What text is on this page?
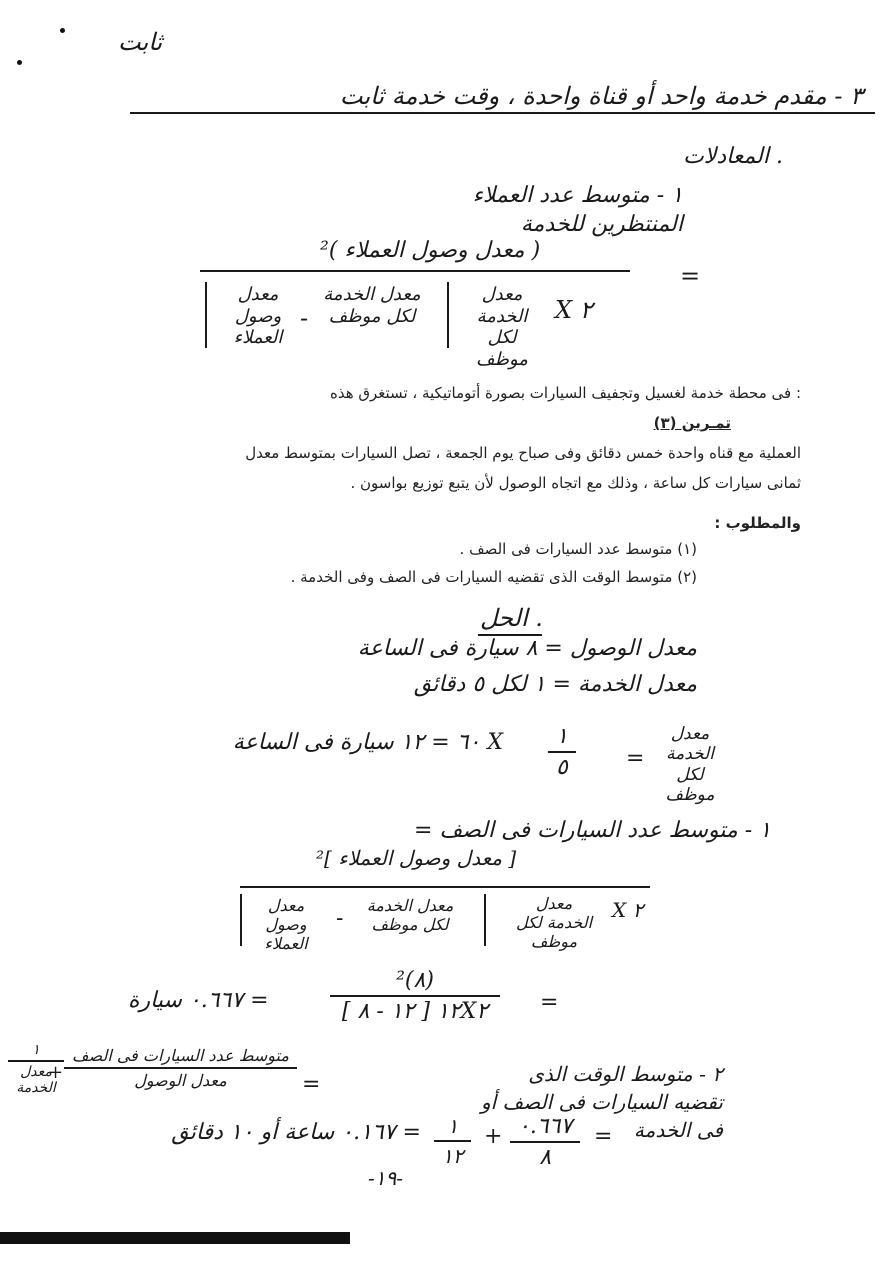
ثابت
٣ - مقدم خدمة واحد أو قناة واحدة ، وقت خدمة ثابت
. المعادلات
١ - متوسط عدد العملاء المنتظرين للخدمة
=
( معدل وصول العملاء )²
٢ X
معدل الخدمة لكل موظف
معدل الخدمة لكل موظف
-
معدل وصول العملاء
: فى محطة خدمة لغسيل وتجفيف السيارات بصورة أتوماتيكية ، تستغرق هذه
تمـرين (٣)
العملية مع قناه واحدة خمس دقائق وفى صباح يوم الجمعة ، تصل السيارات بمتوسط معدل
ثمانى سيارات كل ساعة ، وذلك مع اتجاه الوصول لأن يتبع توزيع بواسون .
والمطلوب :
(١) متوسط عدد السيارات فى الصف .
(٢) متوسط الوقت الذى تقضيه السيارات فى الصف وفى الخدمة .
. الحل
معدل الوصول = ٨ سيارة فى الساعة
معدل الخدمة = ١ لكل ٥ دقائق
معدل الخدمة لكل موظف
=
١
٥
X ٦٠ = ١٢ سيارة فى الساعة
١ - متوسط عدد السيارات فى الصف =
[ معدل وصول العملاء ]²
٢ X
معدل الخدمة لكل موظف
معدل الخدمة لكل موظف
-
معدل وصول العملاء
=
(٨)²
١٢X٢ [ ١٢ - ٨ ]
= ٠.٦٦٧ سيارة
٢ - متوسط الوقت الذى تقضيه السيارات فى الصف أو فى الخدمة
=
متوسط عدد السيارات فى الصف
معدل الوصول
+
١
معدل الخدمة
=
٠.٦٦٧
٨
+
١
١٢
= ٠.١٦٧ ساعة أو ١٠ دقائق
-١٩-
